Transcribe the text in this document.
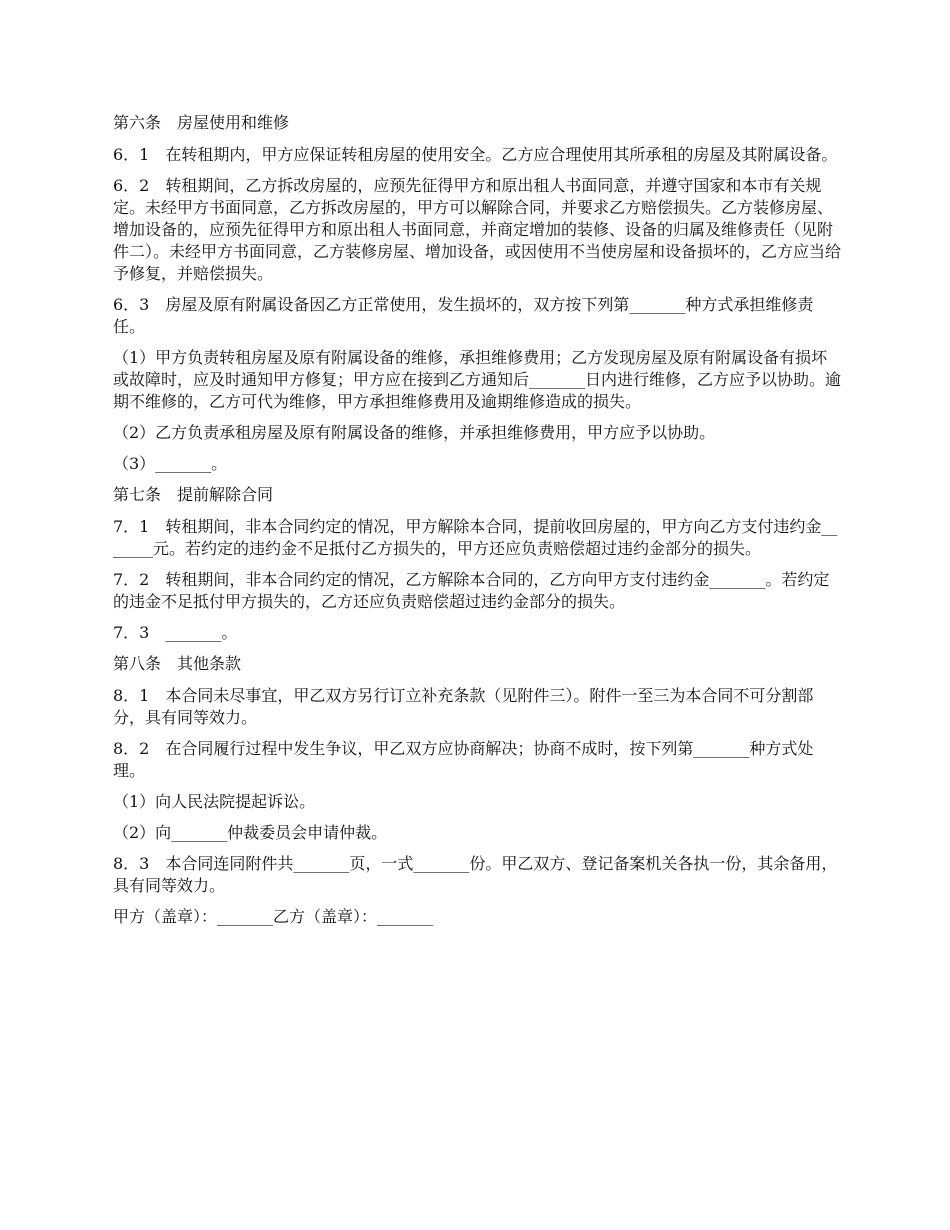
第六条　房屋使用和维修

6．1　在转租期内，甲方应保证转租房屋的使用安全。乙方应合理使用其所承租的房屋及其附属设备。

6．2　转租期间，乙方拆改房屋的，应预先征得甲方和原出租人书面同意，并遵守国家和本市有关规定。未经甲方书面同意，乙方拆改房屋的，甲方可以解除合同，并要求乙方赔偿损失。乙方装修房屋、增加设备的，应预先征得甲方和原出租人书面同意，并商定增加的装修、设备的归属及维修责任（见附件二）。未经甲方书面同意，乙方装修房屋、增加设备，或因使用不当使房屋和设备损坏的，乙方应当给予修复，并赔偿损失。

6．3　房屋及原有附属设备因乙方正常使用，发生损坏的，双方按下列第_______种方式承担维修责任。

（1）甲方负责转租房屋及原有附属设备的维修，承担维修费用；乙方发现房屋及原有附属设备有损坏或故障时，应及时通知甲方修复；甲方应在接到乙方通知后_______日内进行维修，乙方应予以协助。逾期不维修的，乙方可代为维修，甲方承担维修费用及逾期维修造成的损失。

（2）乙方负责承租房屋及原有附属设备的维修，并承担维修费用，甲方应予以协助。

（3）_______。

第七条　提前解除合同

7．1　转租期间，非本合同约定的情况，甲方解除本合同，提前收回房屋的，甲方向乙方支付违约金_______元。若约定的违约金不足抵付乙方损失的，甲方还应负责赔偿超过违约金部分的损失。

7．2　转租期间，非本合同约定的情况，乙方解除本合同的，乙方向甲方支付违约金_______。若约定的违金不足抵付甲方损失的，乙方还应负责赔偿超过违约金部分的损失。

7．3　_______。

第八条　其他条款

8．1　本合同未尽事宜，甲乙双方另行订立补充条款（见附件三）。附件一至三为本合同不可分割部分，具有同等效力。

8．2　在合同履行过程中发生争议，甲乙双方应协商解决；协商不成时，按下列第_______种方式处理。

（1）向人民法院提起诉讼。

（2）向_______仲裁委员会申请仲裁。

8．3　本合同连同附件共_______页，一式_______份。甲乙双方、登记备案机关各执一份，其余备用，具有同等效力。

甲方（盖章）：_______乙方（盖章）：_______
